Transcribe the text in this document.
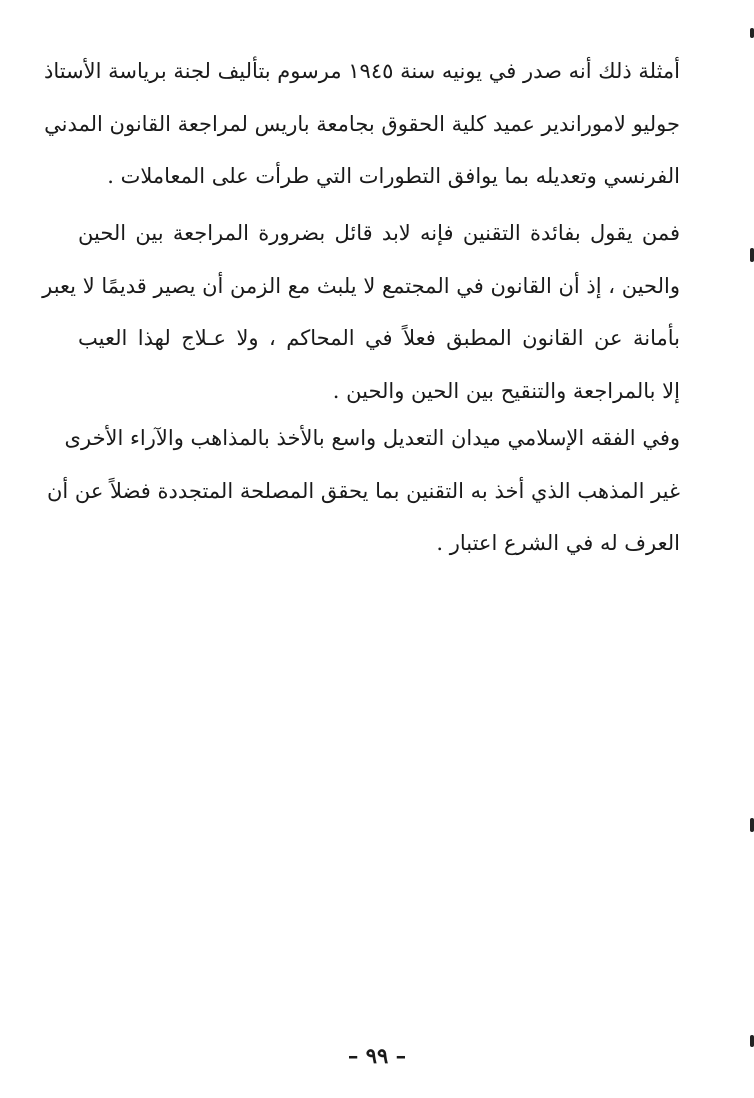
أمثلة ذلك أنه صدر في يونيه سنة ١٩٤٥ مرسوم بتأليف لجنة برياسة الأستاذ
جوليو لاموراندير عميد كلية الحقوق بجامعة باريس لمراجعة القانون المدني
الفرنسي وتعديله بما يوافق التطورات التي طرأت على المعاملات .
فمن يقول بفائدة التقنين فإنه لابد قائل بضرورة المراجعة بين الحين
والحين ، إذ أن القانون في المجتمع لا يلبث مع الزمن أن يصير قديمًا لا يعبر
بأمانة عن القانون المطبق فعلاً في المحاكم ، ولا عـلاج لهذا العيب
إلا بالمراجعة والتنقيح بين الحين والحين .
وفي الفقه الإسلامي ميدان التعديل واسع بالأخذ بالمذاهب والآراء الأخرى
غير المذهب الذي أخذ به التقنين بما يحقق المصلحة المتجددة فضلاً عن أن
العرف له في الشرع اعتبار .
– ٩٩ –
